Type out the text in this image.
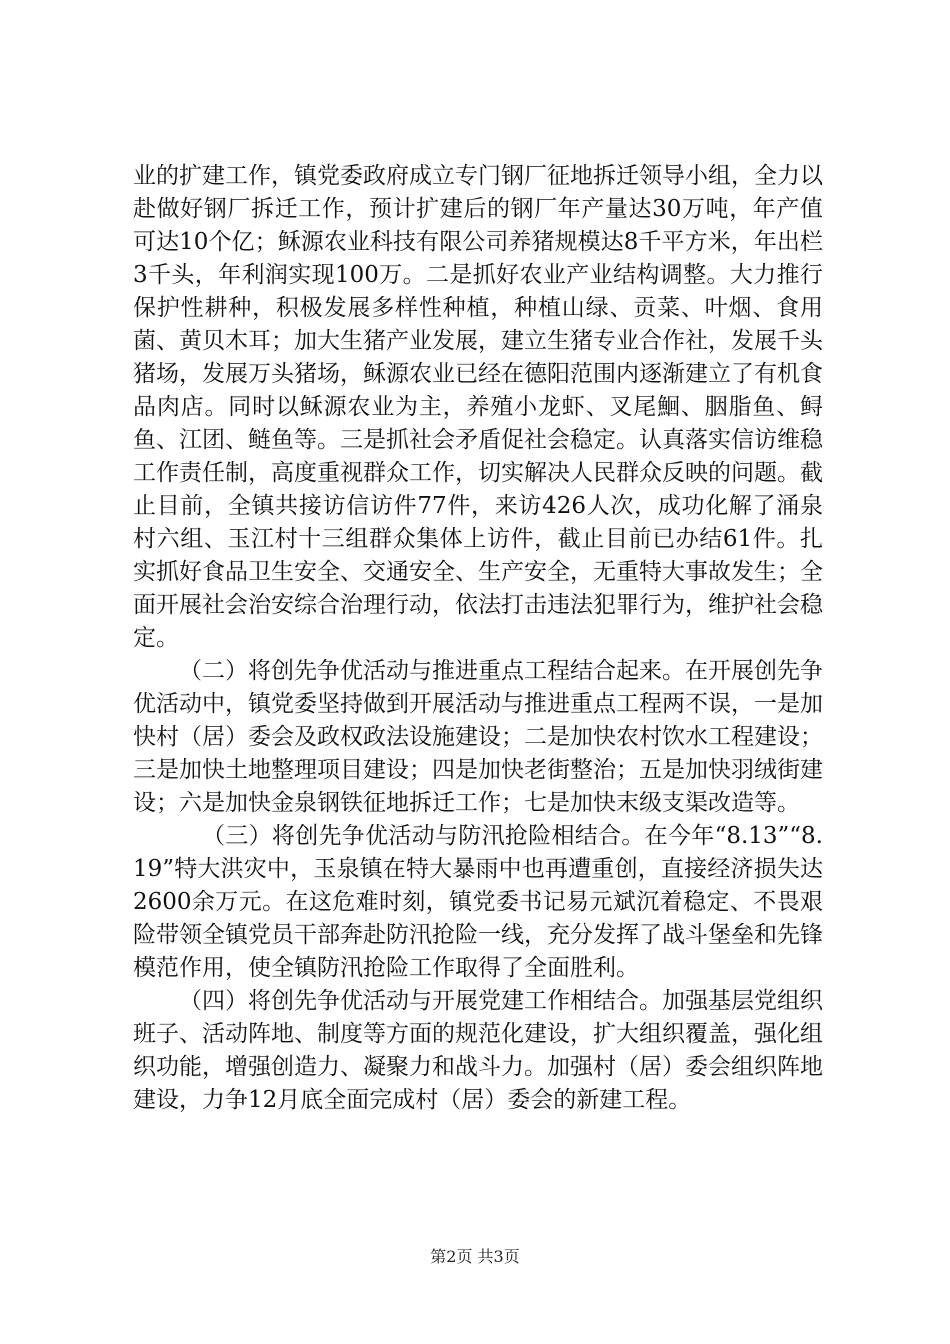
业的扩建工作，镇党委政府成立专门钢厂征地拆迁领导小组，全力以赴做好钢厂拆迁工作，预计扩建后的钢厂年产量达30万吨，年产值可达10个亿；稣源农业科技有限公司养猪规模达8千平方米，年出栏3千头，年利润实现100万。二是抓好农业产业结构调整。大力推行保护性耕种，积极发展多样性种植，种植山绿、贡菜、叶烟、食用菌、黄贝木耳；加大生猪产业发展，建立生猪专业合作社，发展千头猪场，发展万头猪场，稣源农业已经在德阳范围内逐渐建立了有机食品肉店。同时以稣源农业为主，养殖小龙虾、叉尾鮰、胭脂鱼、鲟鱼、江团、鲢鱼等。三是抓社会矛盾促社会稳定。认真落实信访维稳工作责任制，高度重视群众工作，切实解决人民群众反映的问题。截止目前，全镇共接访信访件77件，来访426人次，成功化解了涌泉村六组、玉江村十三组群众集体上访件，截止目前已办结61件。扎实抓好食品卫生安全、交通安全、生产安全，无重特大事故发生；全面开展社会治安综合治理行动，依法打击违法犯罪行为，维护社会稳定。

（二）将创先争优活动与推进重点工程结合起来。在开展创先争优活动中，镇党委坚持做到开展活动与推进重点工程两不误，一是加快村（居）委会及政权政法设施建设；二是加快农村饮水工程建设；三是加快土地整理项目建设；四是加快老街整治；五是加快羽绒街建设；六是加快金泉钢铁征地拆迁工作；七是加快末级支渠改造等。

（三）将创先争优活动与防汛抢险相结合。在今年“8.13”“8.19”特大洪灾中，玉泉镇在特大暴雨中也再遭重创，直接经济损失达2600余万元。在这危难时刻，镇党委书记易元斌沉着稳定、不畏艰险带领全镇党员干部奔赴防汛抢险一线，充分发挥了战斗堡垒和先锋模范作用，使全镇防汛抢险工作取得了全面胜利。

（四）将创先争优活动与开展党建工作相结合。加强基层党组织班子、活动阵地、制度等方面的规范化建设，扩大组织覆盖，强化组织功能，增强创造力、凝聚力和战斗力。加强村（居）委会组织阵地建设，力争12月底全面完成村（居）委会的新建工程。

第2页 共3页
